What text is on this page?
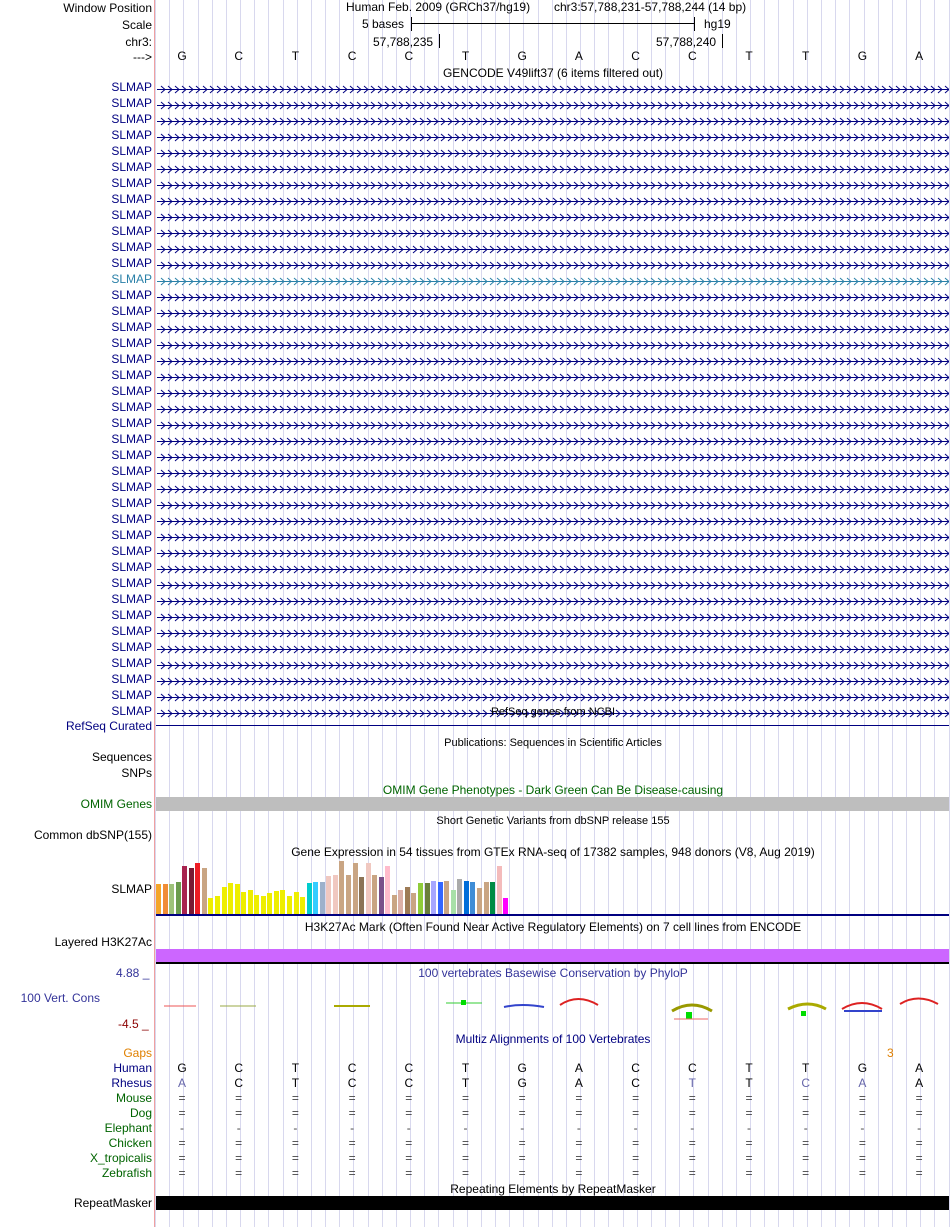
Window Position
Scale
chr3:
--->
Human Feb. 2009 (GRCh37/hg19) chr3:57,788,231-57,788,244 (14 bp)
5 bases	hg19
57,788,235	57,788,240
G	C	T	C	C	T	G	A	C	C	T	T	G	A
GENCODE V49lift37 (6 items filtered out)
SLMAP
SLMAP
SLMAP
SLMAP
SLMAP
SLMAP
SLMAP
SLMAP
SLMAP
SLMAP
SLMAP
SLMAP
SLMAP
SLMAP
SLMAP
SLMAP
SLMAP
SLMAP
SLMAP
SLMAP
SLMAP
SLMAP
SLMAP
SLMAP
SLMAP
SLMAP
SLMAP
SLMAP
SLMAP
SLMAP
SLMAP
SLMAP
SLMAP
SLMAP
SLMAP
SLMAP
SLMAP
SLMAP
SLMAP
SLMAP	RefSeq genes from NCBI
RefSeq Curated
Publications: Sequences in Scientific Articles
Sequences
SNPs
OMIM Gene Phenotypes - Dark Green Can Be Disease-causing
OMIM Genes
Short Genetic Variants from dbSNP release 155
Common dbSNP(155)
Gene Expression in 54 tissues from GTEx RNA-seq of 17382 samples, 948 donors (V8, Aug 2019)
SLMAP
H3K27Ac Mark (Often Found Near Active Regulatory Elements) on 7 cell lines from ENCODE
Layered H3K27Ac
100 vertebrates Basewise Conservation by PhyloP
4.88 _
100 Vert. Cons
-4.5 _
Multiz Alignments of 100 Vertebrates
Gaps	3
Human	G	C	T	C	C	T	G	A	C	C	T	T	G	A
Rhesus	A	C	T	C	C	T	G	A	C	T	T	C	A	A
Mouse	=	=	=	=	=	=	=	=	=	=	=	=	=	=
Dog	=	=	=	=	=	=	=	=	=	=	=	=	=	=
Elephant	-	-	-	-	-	-	-	-	-	-	-	-	-	-
Chicken	=	=	=	=	=	=	=	=	=	=	=	=	=	=
X_tropicalis	=	=	=	=	=	=	=	=	=	=	=	=	=	=
Zebrafish	=	=	=	=	=	=	=	=	=	=	=	=	=	=
Repeating Elements by RepeatMasker
RepeatMasker
